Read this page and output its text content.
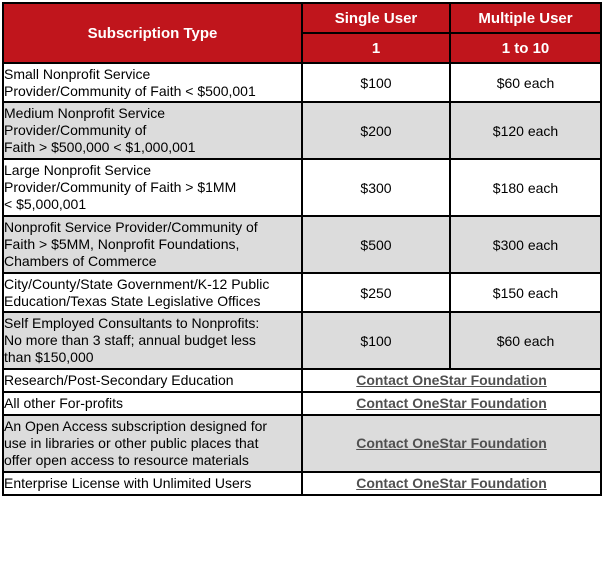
Subscription Type	Single User	Multiple User
	1	1 to 10
Small Nonprofit Service
Provider/Community of Faith < $500,001	$100	$60 each
Medium Nonprofit Service
Provider/Community of
Faith > $500,000 < $1,000,001	$200	$120 each
Large Nonprofit Service
Provider/Community of Faith > $1MM
< $5,000,001	$300	$180 each
Nonprofit Service Provider/Community of
Faith > $5MM, Nonprofit Foundations,
Chambers of Commerce	$500	$300 each
City/County/State Government/K-12 Public
Education/Texas State Legislative Offices	$250	$150 each
Self Employed Consultants to Nonprofits:
No more than 3 staff; annual budget less
than $150,000	$100	$60 each
Research/Post-Secondary Education	Contact OneStar Foundation	
All other For-profits	Contact OneStar Foundation	
An Open Access subscription designed for
use in libraries or other public places that
offer open access to resource materials	Contact OneStar Foundation	
Enterprise License with Unlimited Users	Contact OneStar Foundation	
